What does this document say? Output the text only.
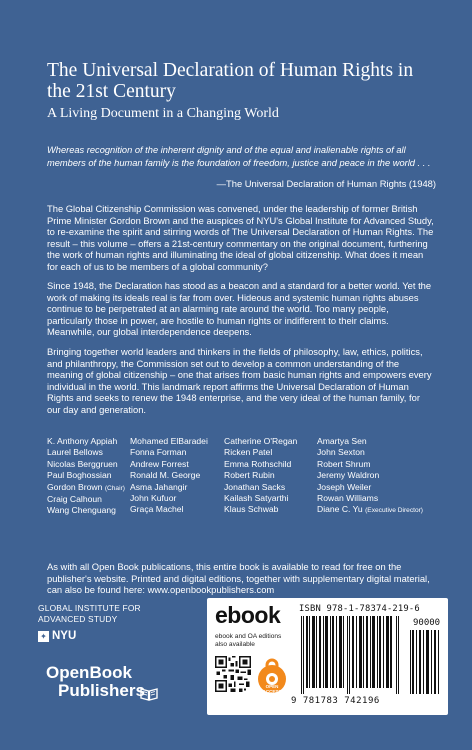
The Universal Declaration of Human Rights in the 21st Century
A Living Document in a Changing World
Whereas recognition of the inherent dignity and of the equal and inalienable rights of all members of the human family is the foundation of freedom, justice and peace in the world . . .
—The Universal Declaration of Human Rights (1948)
The Global Citizenship Commission was convened, under the leadership of former British Prime Minister Gordon Brown and the auspices of NYU's Global Institute for Advanced Study, to re-examine the spirit and stirring words of The Universal Declaration of Human Rights. The result – this volume – offers a 21st-century commentary on the original document, furthering the work of human rights and illuminating the ideal of global citizenship. What does it mean for each of us to be members of a global community?
Since 1948, the Declaration has stood as a beacon and a standard for a better world. Yet the work of making its ideals real is far from over. Hideous and systemic human rights abuses continue to be perpetrated at an alarming rate around the world. Too many people, particularly those in power, are hostile to human rights or indifferent to their claims. Meanwhile, our global interdependence deepens.
Bringing together world leaders and thinkers in the fields of philosophy, law, ethics, politics, and philanthropy, the Commission set out to develop a common understanding of the meaning of global citizenship – one that arises from basic human rights and empowers every individual in the world. This landmark report affirms the Universal Declaration of Human Rights and seeks to renew the 1948 enterprise, and the very ideal of the human family, for our day and generation.
K. Anthony Appiah
Laurel Bellows
Nicolas Berggruen
Paul Boghossian
Gordon Brown (Chair)
Craig Calhoun
Wang Chenguang
Mohamed ElBaradei
Fonna Forman
Andrew Forrest
Ronald M. George
Asma Jahangir
John Kufuor
Graça Machel
Catherine O'Regan
Ricken Patel
Emma Rothschild
Robert Rubin
Jonathan Sacks
Kailash Satyarthi
Klaus Schwab
Amartya Sen
John Sexton
Robert Shrum
Jeremy Waldron
Joseph Weiler
Rowan Williams
Diane C. Yu (Executive Director)
As with all Open Book publications, this entire book is available to read for free on the publisher's website. Printed and digital editions, together with supplementary digital material, can also be found here: www.openbookpublishers.com
GLOBAL INSTITUTE FOR ADVANCED STUDY
✦ NYU
OpenBook
Publishers
ebook
ebook and OA editions also available
OPEN ACCESS
ISBN 978-1-78374-219-6
90000
9 781783 742196
